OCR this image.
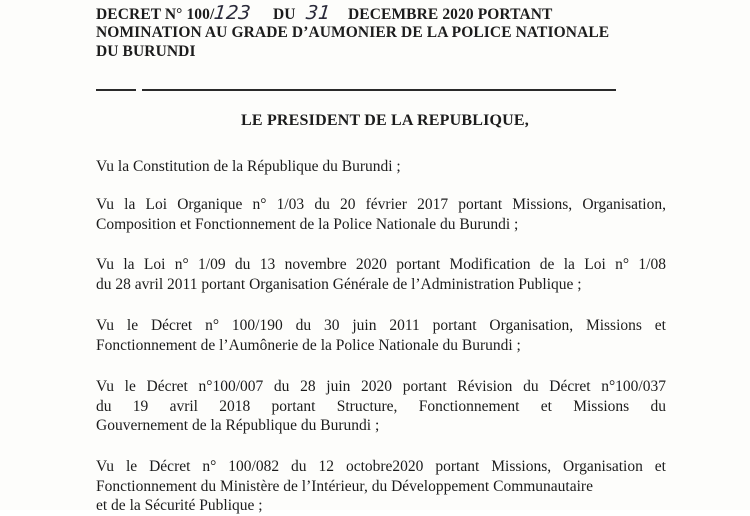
DECRET N° 100/123 DU 31 DECEMBRE 2020 PORTANT
NOMINATION AU GRADE D’AUMONIER DE LA POLICE NATIONALE
DU BURUNDI
LE PRESIDENT DE LA REPUBLIQUE,
Vu la Constitution de la République du Burundi ;
Vu la Loi Organique n° 1/03 du 20 février 2017 portant Missions, Organisation,
Composition et Fonctionnement de la Police Nationale du Burundi ;
Vu la Loi n° 1/09 du 13 novembre 2020 portant Modification de la Loi n° 1/08
du 28 avril 2011 portant Organisation Générale de l’Administration Publique ;
Vu le Décret n° 100/190 du 30 juin 2011 portant Organisation, Missions et
Fonctionnement de l’Aumônerie de la Police Nationale du Burundi ;
Vu le Décret n°100/007 du 28 juin 2020 portant Révision du Décret n°100/037
du 19 avril 2018 portant Structure, Fonctionnement et Missions du
Gouvernement de la République du Burundi ;
Vu le Décret n° 100/082 du 12 octobre2020 portant Missions, Organisation et
Fonctionnement du Ministère de l’Intérieur, du Développement Communautaire
et de la Sécurité Publique ;
